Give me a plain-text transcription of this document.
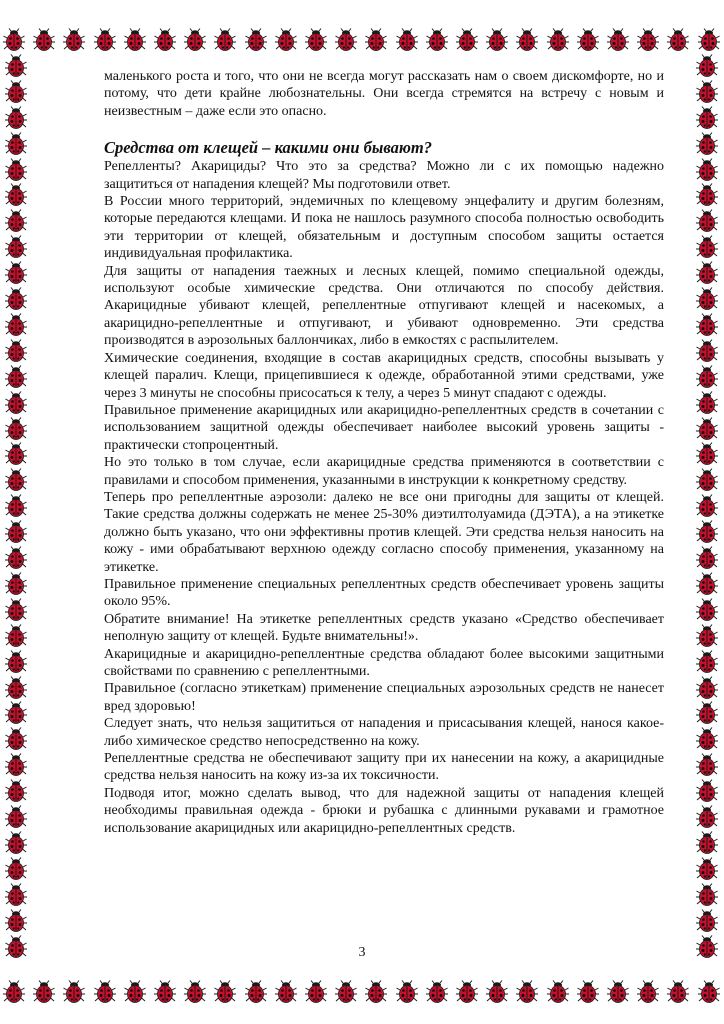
маленького роста и того, что они не всегда могут рассказать нам о своем дискомфорте, но и потому, что дети крайне любознательны. Они всегда стремятся на встречу с новым и неизвестным – даже если это опасно.

Средства от клещей – какими они бывают?

Репелленты? Акарициды? Что это за средства? Можно ли с их помощью надежно защититься от нападения клещей? Мы подготовили ответ.

В России много территорий, эндемичных по клещевому энцефалиту и другим болезням, которые передаются клещами. И пока не нашлось разумного способа полностью освободить эти территории от клещей, обязательным и доступным способом защиты остается индивидуальная профилактика.

Для защиты от нападения таежных и лесных клещей, помимо специальной одежды, используют особые химические средства. Они отличаются по способу действия. Акарицидные убивают клещей, репеллентные отпугивают клещей и насекомых, а акарицидно-репеллентные и отпугивают, и убивают одновременно. Эти средства производятся в аэрозольных баллончиках, либо в емкостях с распылителем.

Химические соединения, входящие в состав акарицидных средств, способны вызывать у клещей паралич. Клещи, прицепившиеся к одежде, обработанной этими средствами, уже через 3 минуты не способны присосаться к телу, а через 5 минут спадают с одежды.

Правильное применение акарицидных или акарицидно-репеллентных средств в сочетании с использованием защитной одежды обеспечивает наиболее высокий уровень защиты - практически стопроцентный.

Но это только в том случае, если акарицидные средства применяются в соответствии с правилами и способом применения, указанными в инструкции к конкретному средству.

Теперь про репеллентные аэрозоли: далеко не все они пригодны для защиты от клещей. Такие средства должны содержать не менее 25-30% диэтилтолуамида (ДЭТА), а на этикетке должно быть указано, что они эффективны против клещей. Эти средства нельзя наносить на кожу - ими обрабатывают верхнюю одежду согласно способу применения, указанному на этикетке.

Правильное применение специальных репеллентных средств обеспечивает уровень защиты около 95%.

Обратите внимание! На этикетке репеллентных средств указано «Средство обеспечивает неполную защиту от клещей. Будьте внимательны!».

Акарицидные и акарицидно-репеллентные средства обладают более высокими защитными свойствами по сравнению с репеллентными.

Правильное (согласно этикеткам) применение специальных аэрозольных средств не нанесет вред здоровью!

Следует знать, что нельзя защититься от нападения и присасывания клещей, нанося какое-либо химическое средство непосредственно на кожу.

Репеллентные средства не обеспечивают защиту при их нанесении на кожу, а акарицидные средства нельзя наносить на кожу из-за их токсичности.

Подводя итог, можно сделать вывод, что для надежной защиты от нападения клещей необходимы правильная одежда - брюки и рубашка с длинными рукавами и грамотное использование акарицидных или акарицидно-репеллентных средств.

3
